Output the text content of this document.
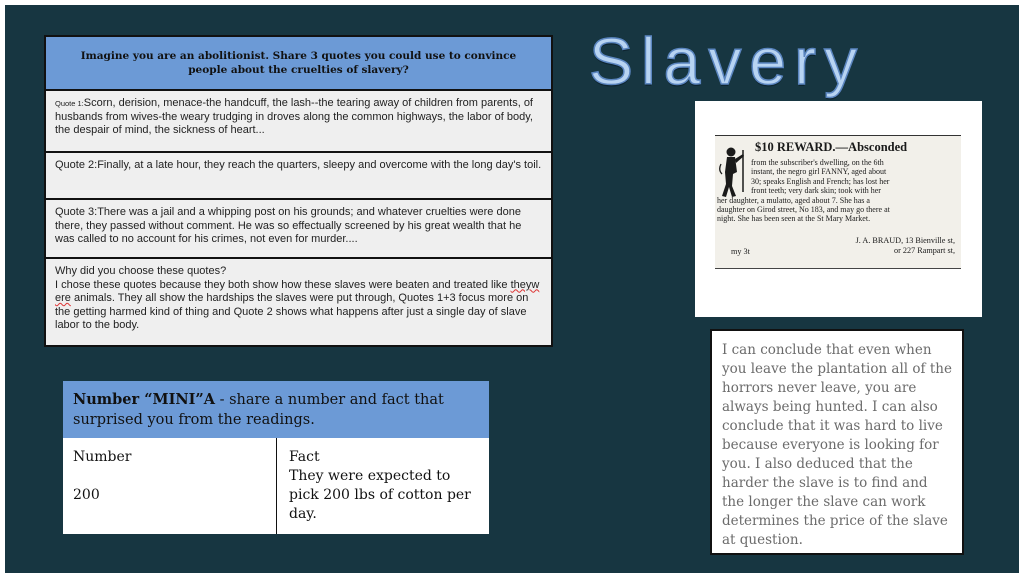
Imagine you are an abolitionist. Share 3 quotes you could use to convince people about the cruelties of slavery?
Quote 1:Scorn, derision, menace-the handcuff, the lash--the tearing away of children from parents, of husbands from wives-the weary trudging in droves along the common highways, the labor of body, the despair of mind, the sickness of heart...
Quote 2:Finally, at a late hour, they reach the quarters, sleepy and overcome with the long day's toil.
Quote 3:There was a jail and a whipping post on his grounds; and whatever cruelties were done there, they passed without comment. He was so effectually screened by his great wealth that he was called to no account for his crimes, not even for murder....
Why did you choose these quotes?
I chose these quotes because they both show how these slaves were beaten and treated like theyw ere animals. They all show the hardships the slaves were put through, Quotes 1+3 focus more on the getting harmed kind of thing and Quote 2 shows what happens after just a single day of slave labor to the body.
Slavery
$10 REWARD.—Absconded
from the subscriber's dwelling, on the 6th
instant, the negro girl FANNY, aged about
30; speaks English and French; has lost her
front teeth; very dark skin; took with her
her daughter, a mulatto, aged about 7. She has a
daughter on Girod street, No 183, and may go there at
night. She has been seen at the St Mary Market.
J. A. BRAUD, 13 Bienville st,
or 227 Rampart st,
my 3t
Number “MINI”A - share a number and fact that surprised you from the readings.
Number
200
Fact
They were expected to pick 200 lbs of cotton per day.
I can conclude that even when you leave the plantation all of the horrors never leave, you are always being hunted. I can also conclude that it was hard to live because everyone is looking for you. I also deduced that the harder the slave is to find and the longer the slave can work determines the price of the slave at question.
